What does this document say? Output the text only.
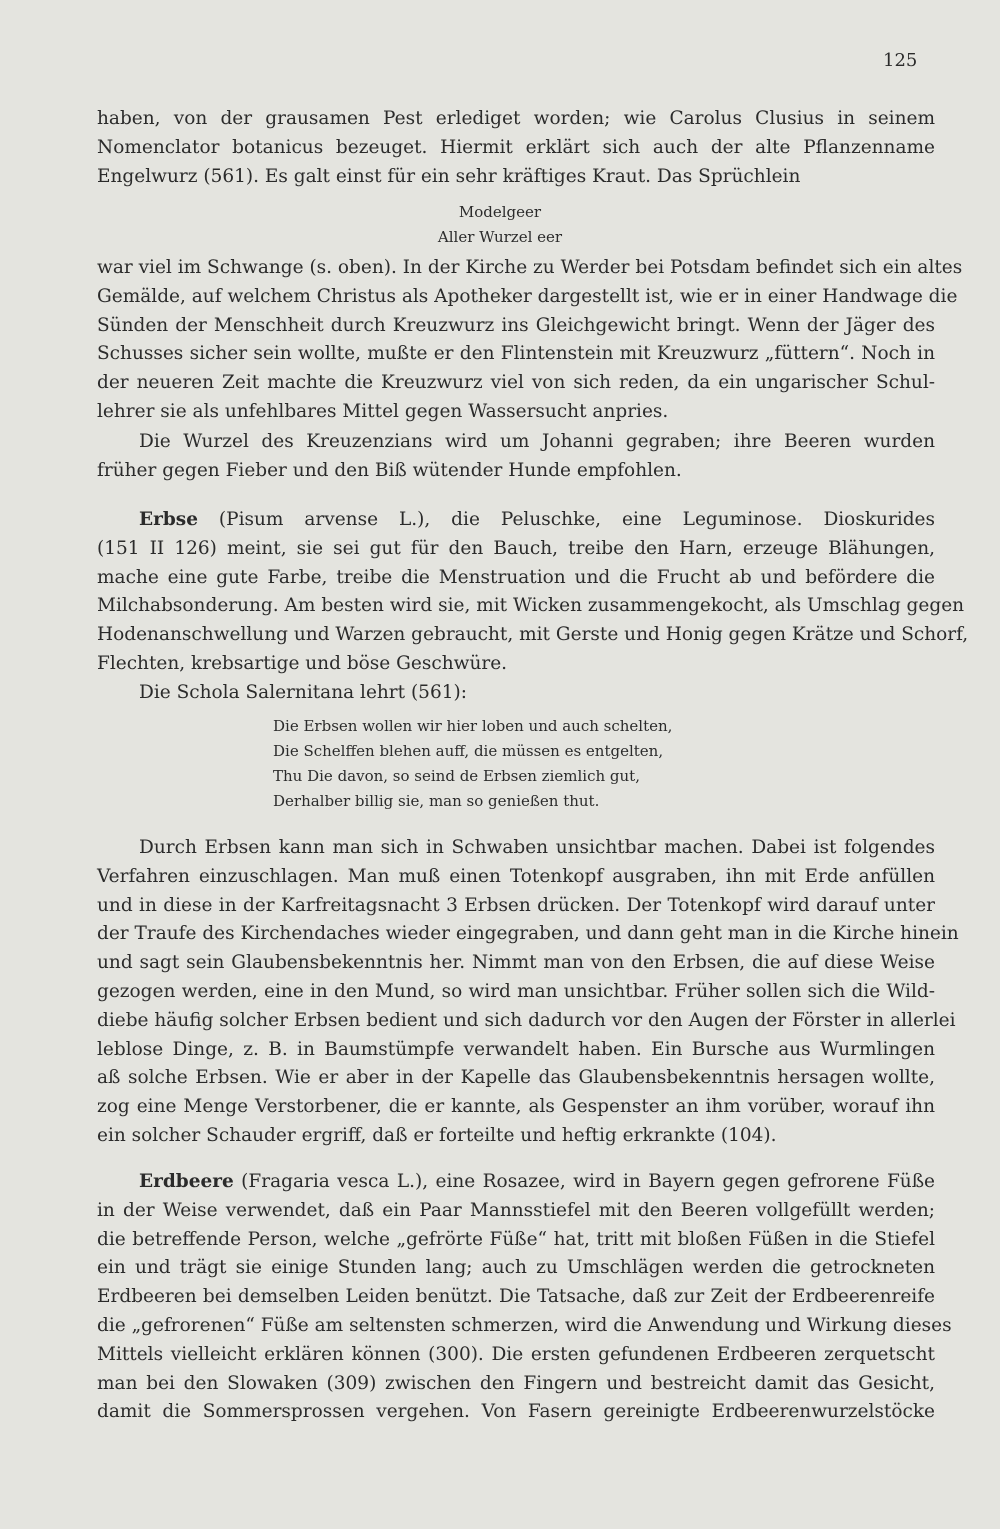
125
haben, von der grausamen Pest erlediget worden; wie Carolus Clusius in seinem
Nomenclator botanicus bezeuget. Hiermit erklärt sich auch der alte Pflanzenname
Engelwurz (561). Es galt einst für ein sehr kräftiges Kraut. Das Sprüchlein
Modelgeer
Aller Wurzel eer
war viel im Schwange (s. oben). In der Kirche zu Werder bei Potsdam befindet sich ein altes
Gemälde, auf welchem Christus als Apotheker dargestellt ist, wie er in einer Handwage die
Sünden der Menschheit durch Kreuzwurz ins Gleichgewicht bringt. Wenn der Jäger des
Schusses sicher sein wollte, mußte er den Flintenstein mit Kreuzwurz „füttern“. Noch in
der neueren Zeit machte die Kreuzwurz viel von sich reden, da ein ungarischer Schul-
lehrer sie als unfehlbares Mittel gegen Wassersucht anpries.
Die Wurzel des Kreuzenzians wird um Johanni gegraben; ihre Beeren wurden
früher gegen Fieber und den Biß wütender Hunde empfohlen.
Erbse (Pisum arvense L.), die Peluschke, eine Leguminose. Dioskurides
(151 II 126) meint, sie sei gut für den Bauch, treibe den Harn, erzeuge Blähungen,
mache eine gute Farbe, treibe die Menstruation und die Frucht ab und befördere die
Milchabsonderung. Am besten wird sie, mit Wicken zusammengekocht, als Umschlag gegen
Hodenanschwellung und Warzen gebraucht, mit Gerste und Honig gegen Krätze und Schorf,
Flechten, krebsartige und böse Geschwüre.
Die Schola Salernitana lehrt (561):
Die Erbsen wollen wir hier loben und auch schelten,
Die Schelffen blehen auff, die müssen es entgelten,
Thu Die davon, so seind de Erbsen ziemlich gut,
Derhalber billig sie, man so genießen thut.
Durch Erbsen kann man sich in Schwaben unsichtbar machen. Dabei ist folgendes
Verfahren einzuschlagen. Man muß einen Totenkopf ausgraben, ihn mit Erde anfüllen
und in diese in der Karfreitagsnacht 3 Erbsen drücken. Der Totenkopf wird darauf unter
der Traufe des Kirchendaches wieder eingegraben, und dann geht man in die Kirche hinein
und sagt sein Glaubensbekenntnis her. Nimmt man von den Erbsen, die auf diese Weise
gezogen werden, eine in den Mund, so wird man unsichtbar. Früher sollen sich die Wild-
diebe häufig solcher Erbsen bedient und sich dadurch vor den Augen der Förster in allerlei
leblose Dinge, z. B. in Baumstümpfe verwandelt haben. Ein Bursche aus Wurmlingen
aß solche Erbsen. Wie er aber in der Kapelle das Glaubensbekenntnis hersagen wollte,
zog eine Menge Verstorbener, die er kannte, als Gespenster an ihm vorüber, worauf ihn
ein solcher Schauder ergriff, daß er forteilte und heftig erkrankte (104).
Erdbeere (Fragaria vesca L.), eine Rosazee, wird in Bayern gegen gefrorene Füße
in der Weise verwendet, daß ein Paar Mannsstiefel mit den Beeren vollgefüllt werden;
die betreffende Person, welche „gefrörte Füße“ hat, tritt mit bloßen Füßen in die Stiefel
ein und trägt sie einige Stunden lang; auch zu Umschlägen werden die getrockneten
Erdbeeren bei demselben Leiden benützt. Die Tatsache, daß zur Zeit der Erdbeerenreife
die „gefrorenen“ Füße am seltensten schmerzen, wird die Anwendung und Wirkung dieses
Mittels vielleicht erklären können (300). Die ersten gefundenen Erdbeeren zerquetscht
man bei den Slowaken (309) zwischen den Fingern und bestreicht damit das Gesicht,
damit die Sommersprossen vergehen. Von Fasern gereinigte Erdbeerenwurzelstöcke
